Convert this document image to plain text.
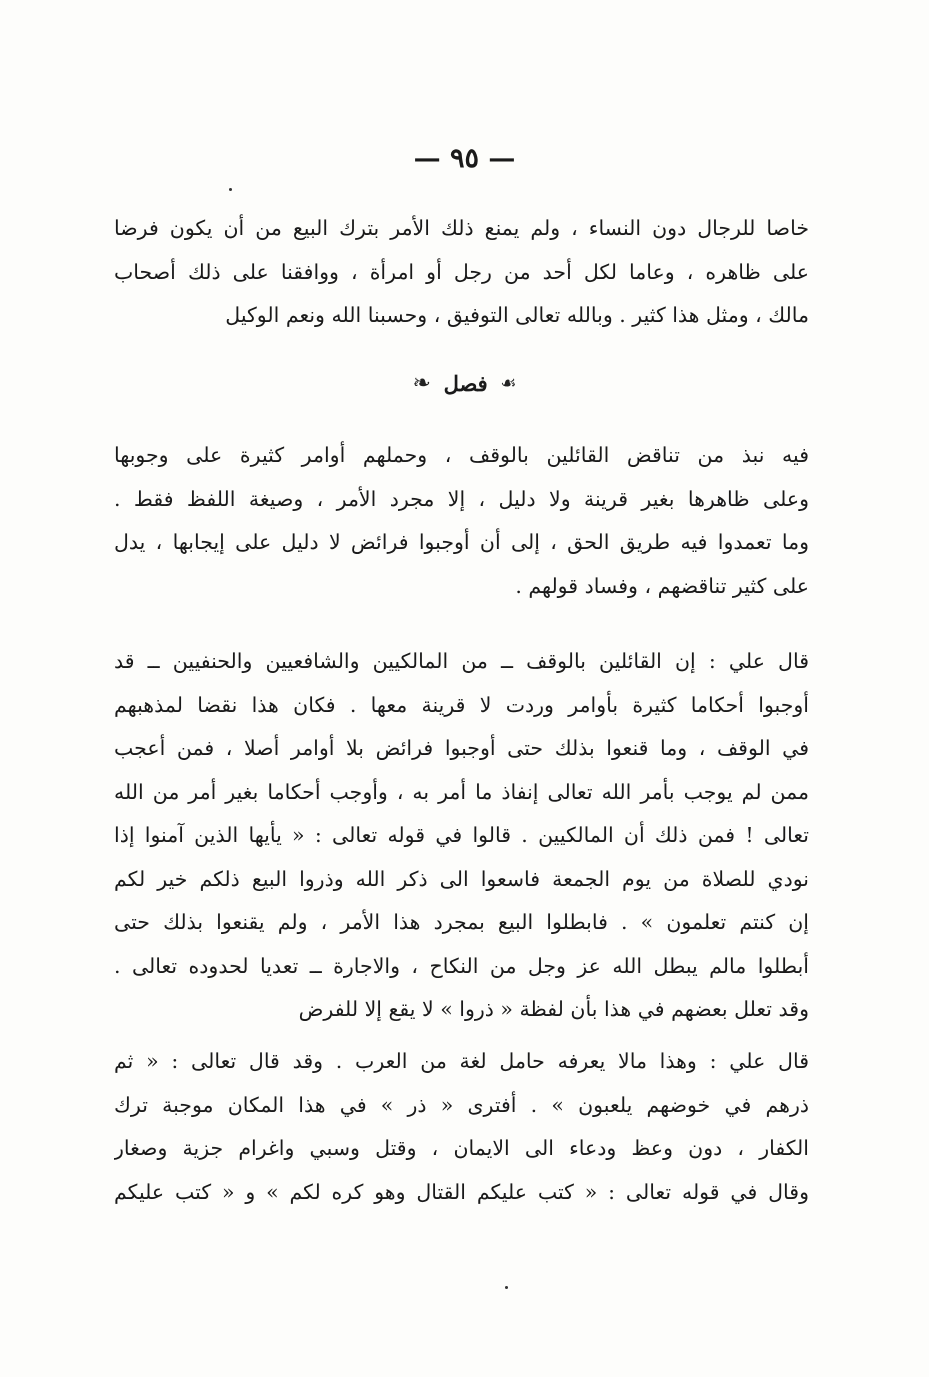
— ٩٥ —
خاصا للرجال دون النساء ، ولم يمنع ذلك الأمر بترك البيع من أن يكون فرضا
على ظاهره ، وعاما لكل أحد من رجل أو امرأة ، ووافقنا على ذلك أصحاب
مالك ، ومثل هذا كثير . وبالله تعالى التوفيق ، وحسبنا الله ونعم الوكيل
☙ فصل ❧
فيه نبذ من تناقض القائلين بالوقف ، وحملهم أوامر كثيرة على وجوبها
وعلى ظاهرها بغير قرينة ولا دليل ، إلا مجرد الأمر ، وصيغة اللفظ فقط .
وما تعمدوا فيه طريق الحق ، إلى أن أوجبوا فرائض لا دليل على إيجابها ، يدل
على كثير تناقضهم ، وفساد قولهم .
قال علي : إن القائلين بالوقف ــ من المالكيين والشافعيين والحنفيين ــ قد
أوجبوا أحكاما كثيرة بأوامر وردت لا قرينة معها . فكان هذا نقضا لمذهبهم
في الوقف ، وما قنعوا بذلك حتى أوجبوا فرائض بلا أوامر أصلا ، فمن أعجب
ممن لم يوجب بأمر الله تعالى إنفاذ ما أمر به ، وأوجب أحكاما بغير أمر من الله
تعالى ! فمن ذلك أن المالكيين . قالوا في قوله تعالى : « يأيها الذين آمنوا إذا
نودي للصلاة من يوم الجمعة فاسعوا الى ذكر الله وذروا البيع ذلكم خير لكم
إن كنتم تعلمون » . فابطلوا البيع بمجرد هذا الأمر ، ولم يقنعوا بذلك حتى
أبطلوا مالم يبطل الله عز وجل من النكاح ، والاجارة ــ تعديا لحدوده تعالى .
وقد تعلل بعضهم في هذا بأن لفظة « ذروا » لا يقع إلا للفرض
قال علي : وهذا مالا يعرفه حامل لغة من العرب . وقد قال تعالى : « ثم
ذرهم في خوضهم يلعبون » . أفترى « ذر » في هذا المكان موجبة ترك
الكفار ، دون وعظ ودعاء الى الايمان ، وقتل وسبي واغرام جزية وصغار
وقال في قوله تعالى : « كتب عليكم القتال وهو كره لكم » و « كتب عليكم
